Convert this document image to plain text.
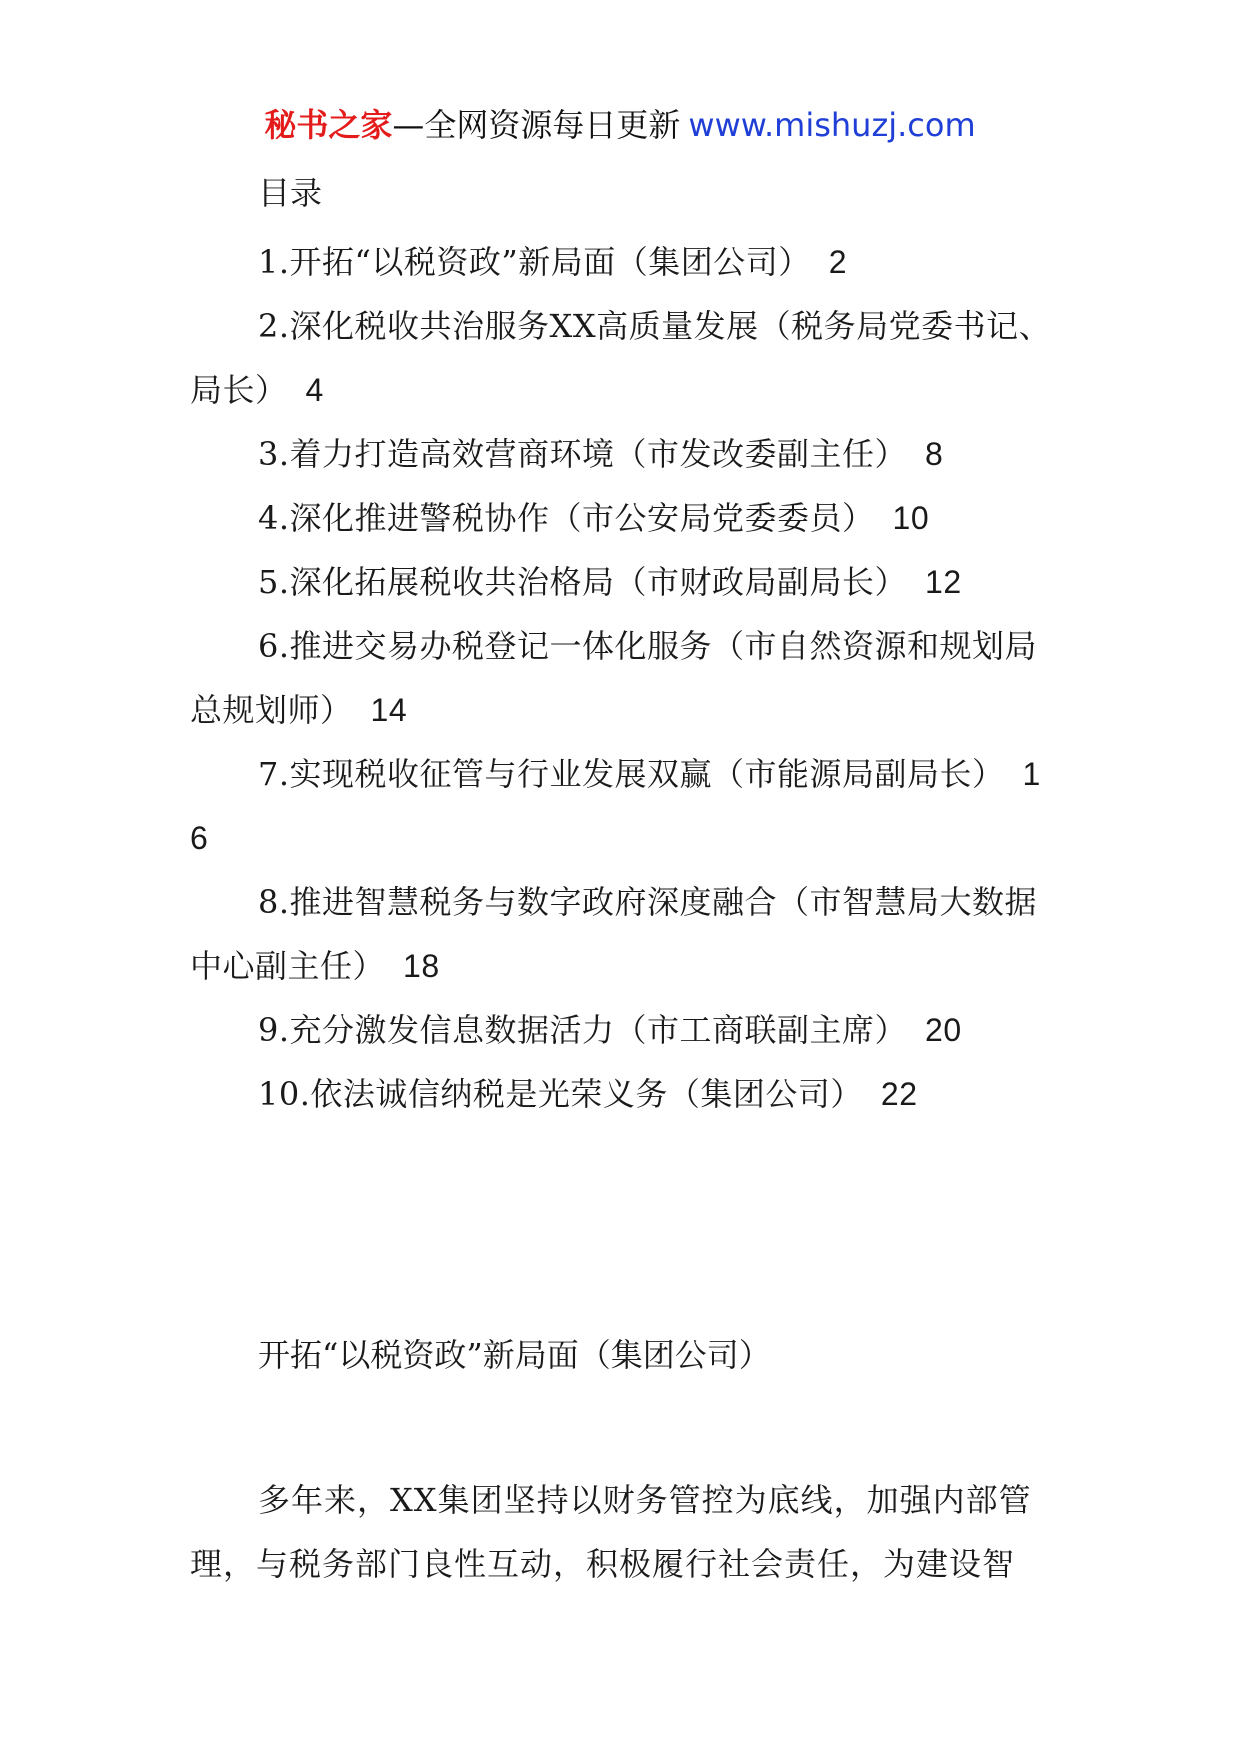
秘书之家—全网资源每日更新 www.mishuzj.com
目录
1.开拓“以税资政”新局面（集团公司） 2
2.深化税收共治服务XX高质量发展（税务局党委书记、局长） 4
3.着力打造高效营商环境（市发改委副主任） 8
4.深化推进警税协作（市公安局党委委员） 10
5.深化拓展税收共治格局（市财政局副局长） 12
6.推进交易办税登记一体化服务（市自然资源和规划局总规划师） 14
7.实现税收征管与行业发展双赢（市能源局副局长） 16
8.推进智慧税务与数字政府深度融合（市智慧局大数据中心副主任） 18
9.充分激发信息数据活力（市工商联副主席） 20
10.依法诚信纳税是光荣义务（集团公司） 22
开拓“以税资政”新局面（集团公司）
多年来，XX集团坚持以财务管控为底线，加强内部管理，与税务部门良性互动，积极履行社会责任，为建设智
